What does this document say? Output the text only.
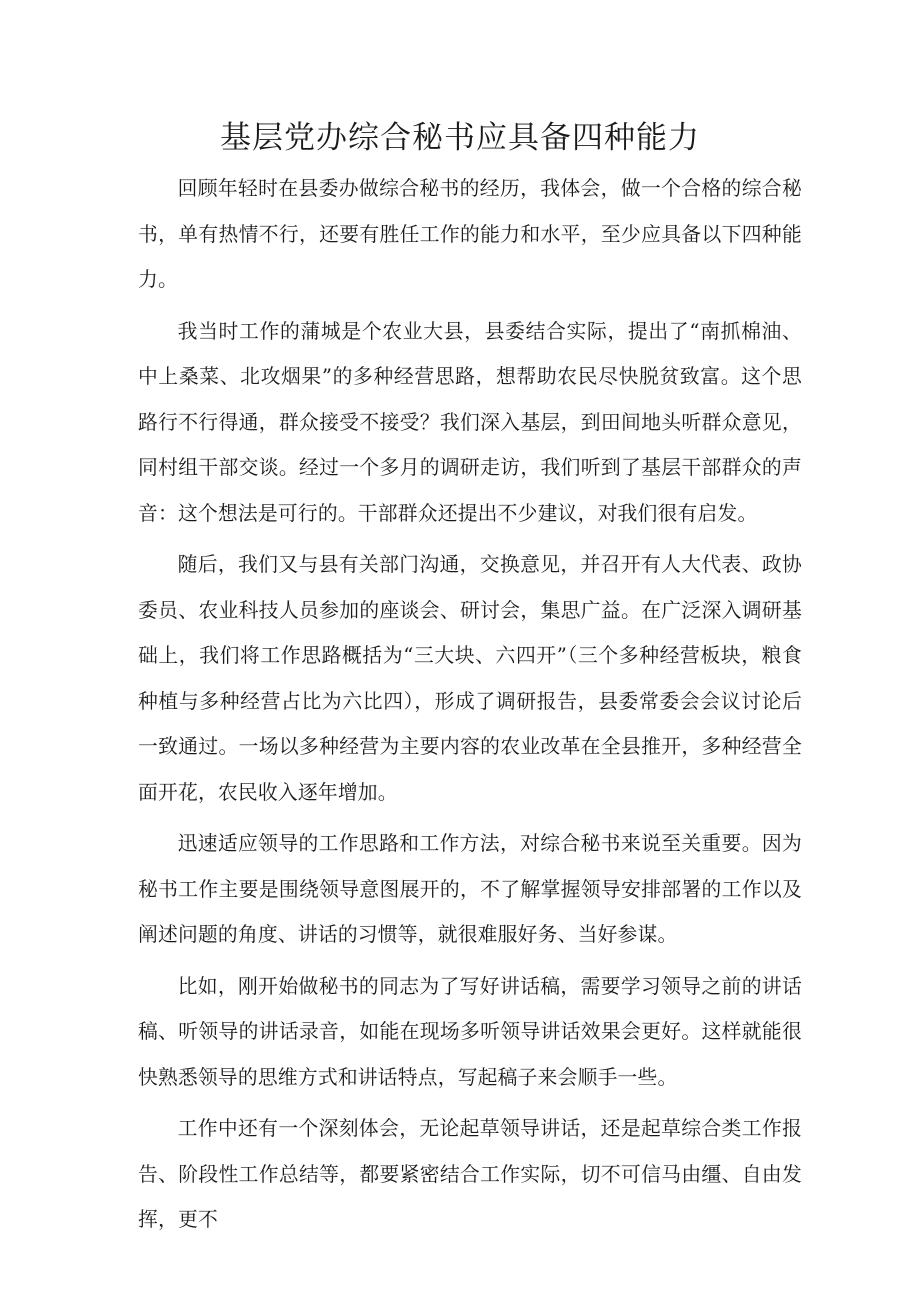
基层党办综合秘书应具备四种能力

回顾年轻时在县委办做综合秘书的经历，我体会，做一个合格的综合秘书，单有热情不行，还要有胜任工作的能力和水平，至少应具备以下四种能力。

我当时工作的蒲城是个农业大县，县委结合实际，提出了“南抓棉油、中上桑菜、北攻烟果”的多种经营思路，想帮助农民尽快脱贫致富。这个思路行不行得通，群众接受不接受？我们深入基层，到田间地头听群众意见，同村组干部交谈。经过一个多月的调研走访，我们听到了基层干部群众的声音：这个想法是可行的。干部群众还提出不少建议，对我们很有启发。

随后，我们又与县有关部门沟通，交换意见，并召开有人大代表、政协委员、农业科技人员参加的座谈会、研讨会，集思广益。在广泛深入调研基础上，我们将工作思路概括为“三大块、六四开”（三个多种经营板块，粮食种植与多种经营占比为六比四），形成了调研报告，县委常委会会议讨论后一致通过。一场以多种经营为主要内容的农业改革在全县推开，多种经营全面开花，农民收入逐年增加。

迅速适应领导的工作思路和工作方法，对综合秘书来说至关重要。因为秘书工作主要是围绕领导意图展开的，不了解掌握领导安排部署的工作以及阐述问题的角度、讲话的习惯等，就很难服好务、当好参谋。

比如，刚开始做秘书的同志为了写好讲话稿，需要学习领导之前的讲话稿、听领导的讲话录音，如能在现场多听领导讲话效果会更好。这样就能很快熟悉领导的思维方式和讲话特点，写起稿子来会顺手一些。

工作中还有一个深刻体会，无论起草领导讲话，还是起草综合类工作报告、阶段性工作总结等，都要紧密结合工作实际，切不可信马由缰、自由发挥，更不
